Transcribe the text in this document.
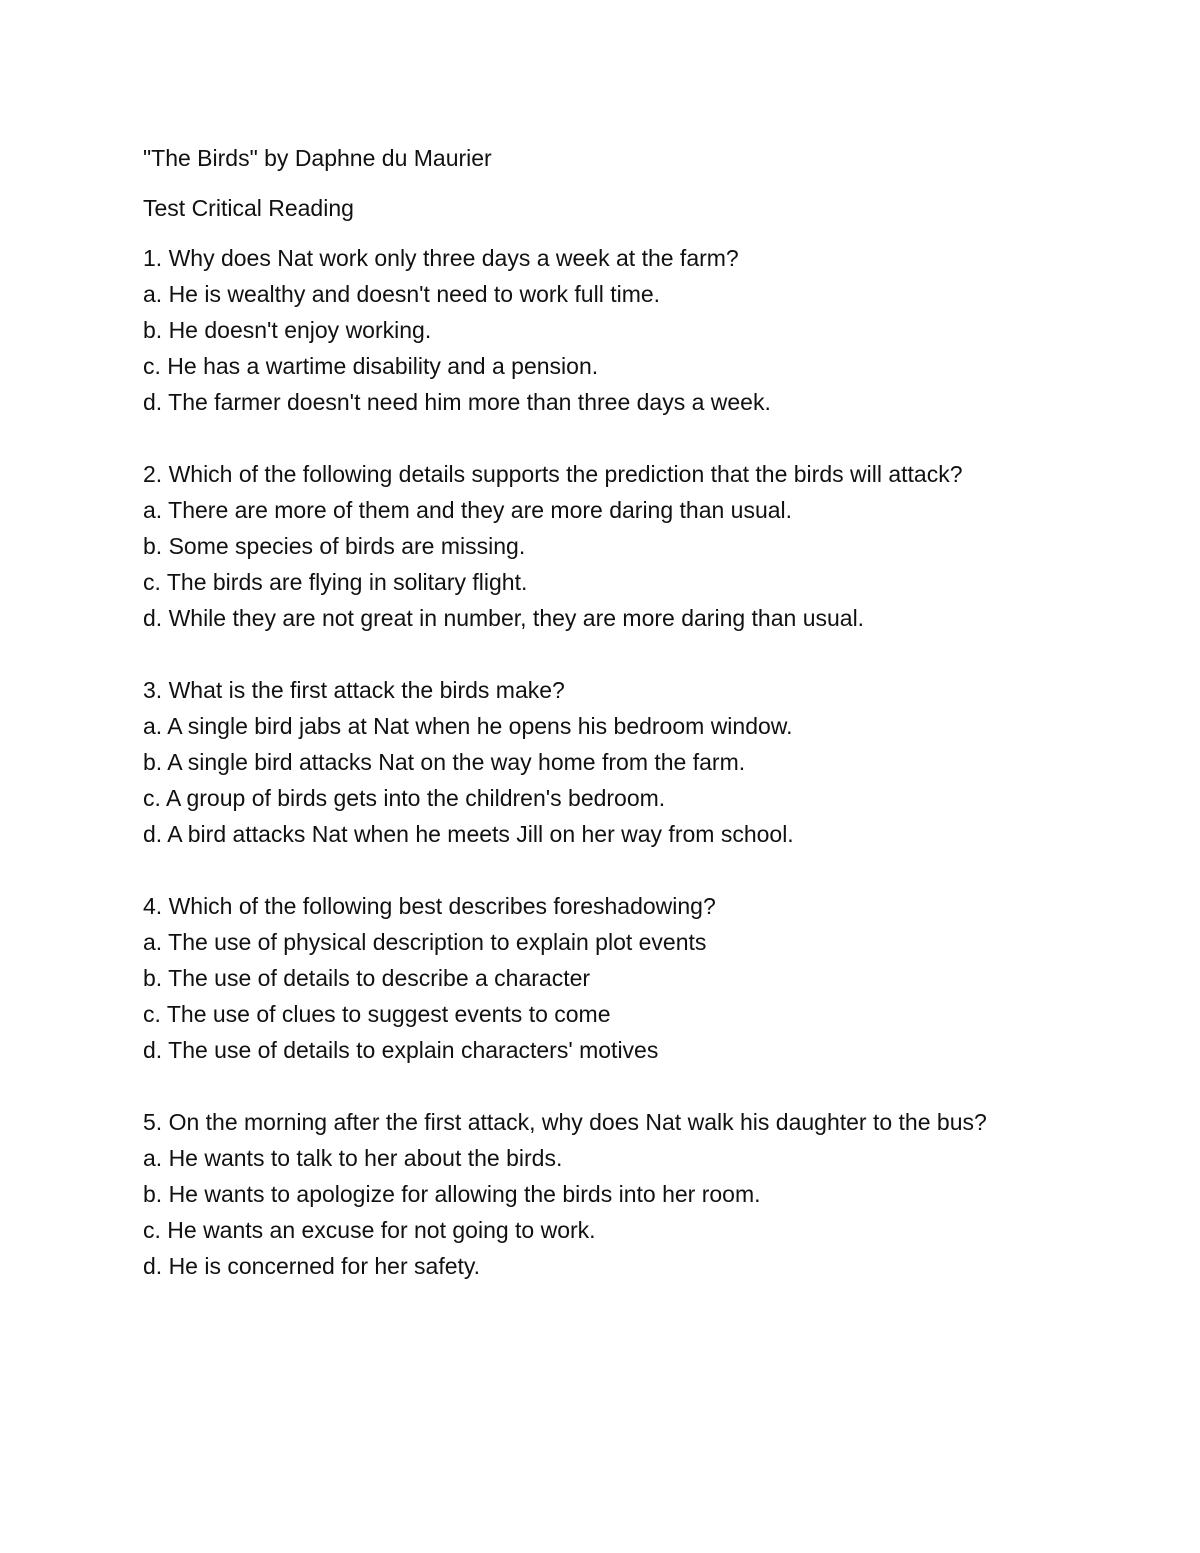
"The Birds" by Daphne du Maurier
Test Critical Reading
1. Why does Nat work only three days a week at the farm?
a. He is wealthy and doesn't need to work full time.
b. He doesn't enjoy working.
c. He has a wartime disability and a pension.
d. The farmer doesn't need him more than three days a week.
2. Which of the following details supports the prediction that the birds will attack?
a. There are more of them and they are more daring than usual.
b. Some species of birds are missing.
c. The birds are flying in solitary flight.
d. While they are not great in number, they are more daring than usual.
3. What is the first attack the birds make?
a. A single bird jabs at Nat when he opens his bedroom window.
b. A single bird attacks Nat on the way home from the farm.
c. A group of birds gets into the children's bedroom.
d. A bird attacks Nat when he meets Jill on her way from school.
4. Which of the following best describes foreshadowing?
a. The use of physical description to explain plot events
b. The use of details to describe a character
c. The use of clues to suggest events to come
d. The use of details to explain characters' motives
5. On the morning after the first attack, why does Nat walk his daughter to the bus?
a. He wants to talk to her about the birds.
b. He wants to apologize for allowing the birds into her room.
c. He wants an excuse for not going to work.
d. He is concerned for her safety.
